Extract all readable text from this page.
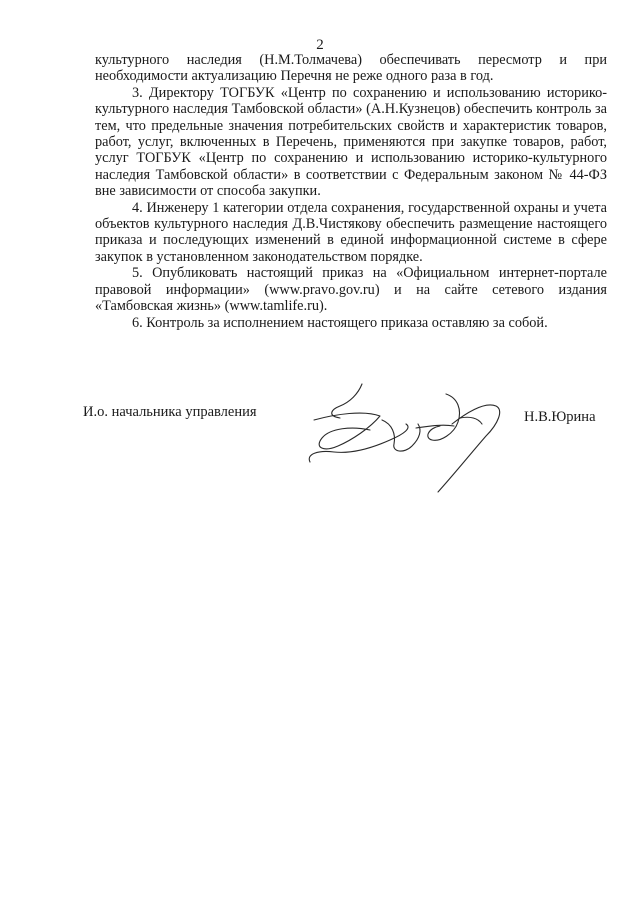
2

культурного наследия (Н.М.Толмачева) обеспечивать пересмотр и при необходимости актуализацию Перечня не реже одного раза в год.

3. Директору ТОГБУК «Центр по сохранению и использованию историко-культурного наследия Тамбовской области» (А.Н.Кузнецов) обеспечить контроль за тем, что предельные значения потребительских свойств и характеристик товаров, работ, услуг, включенных в Перечень, применяются при закупке товаров, работ, услуг ТОГБУК «Центр по сохранению и использованию историко-культурного наследия Тамбовской области» в соответствии с Федеральным законом № 44-ФЗ вне зависимости от способа закупки.

4. Инженеру 1 категории отдела сохранения, государственной охраны и учета объектов культурного наследия Д.В.Чистякову обеспечить размещение настоящего приказа и последующих изменений в единой информационной системе в сфере закупок в установленном законодательством порядке.

5. Опубликовать настоящий приказ на «Официальном интернет-портале правовой информации» (www.pravo.gov.ru) и на сайте сетевого издания «Тамбовская жизнь» (www.tamlife.ru).

6. Контроль за исполнением настоящего приказа оставляю за собой.

И.о. начальника управления	Н.В.Юрина
